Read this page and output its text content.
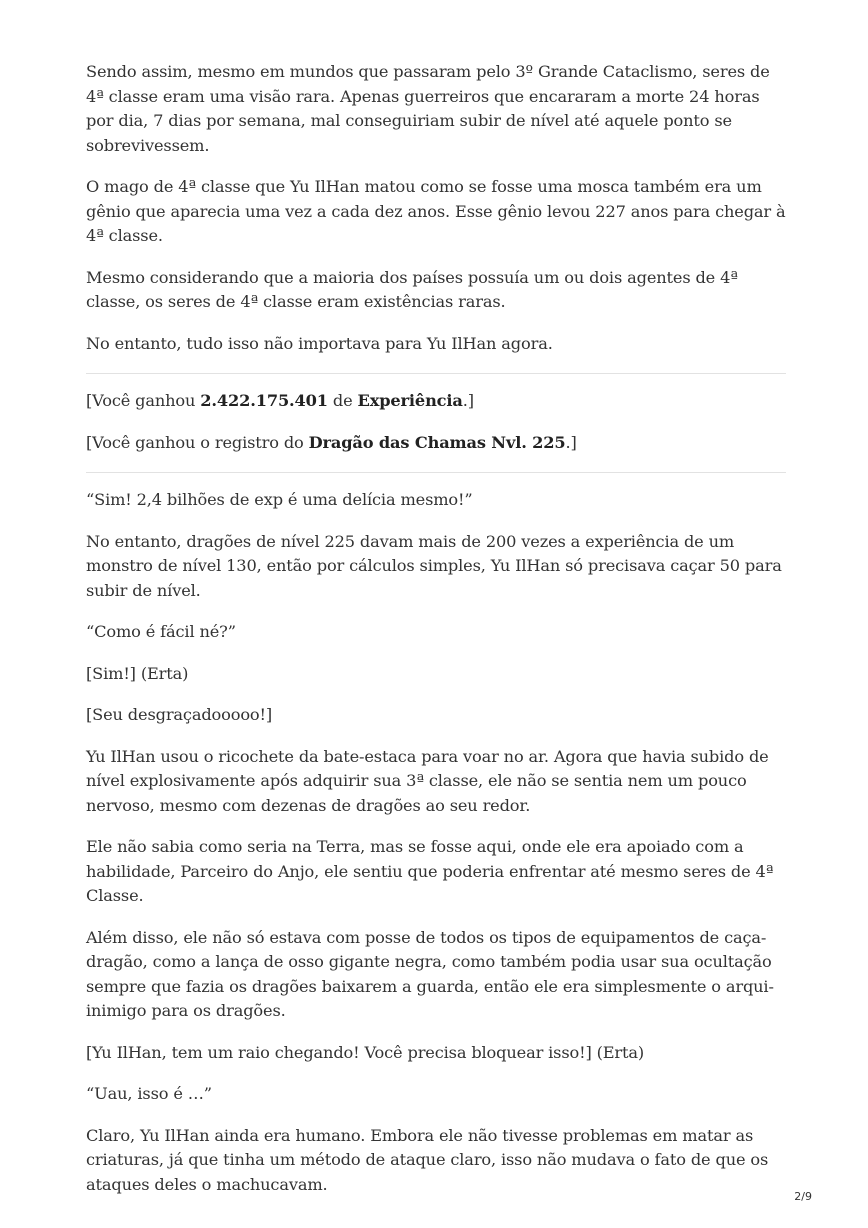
Sendo assim, mesmo em mundos que passaram pelo 3º Grande Cataclismo, seres de 4ª classe eram uma visão rara. Apenas guerreiros que encararam a morte 24 horas por dia, 7 dias por semana, mal conseguiriam subir de nível até aquele ponto se sobrevivessem.

O mago de 4ª classe que Yu IlHan matou como se fosse uma mosca também era um gênio que aparecia uma vez a cada dez anos. Esse gênio levou 227 anos para chegar à 4ª classe.

Mesmo considerando que a maioria dos países possuía um ou dois agentes de 4ª classe, os seres de 4ª classe eram existências raras.

No entanto, tudo isso não importava para Yu IlHan agora.

[Você ganhou 2.422.175.401 de Experiência.]

[Você ganhou o registro do Dragão das Chamas Nvl. 225.]

“Sim! 2,4 bilhões de exp é uma delícia mesmo!”

No entanto, dragões de nível 225 davam mais de 200 vezes a experiência de um monstro de nível 130, então por cálculos simples, Yu IlHan só precisava caçar 50 para subir de nível.

“Como é fácil né?”

[Sim!] (Erta)

[Seu desgraçadooooo!]

Yu IlHan usou o ricochete da bate-estaca para voar no ar. Agora que havia subido de nível explosivamente após adquirir sua 3ª classe, ele não se sentia nem um pouco nervoso, mesmo com dezenas de dragões ao seu redor.

Ele não sabia como seria na Terra, mas se fosse aqui, onde ele era apoiado com a habilidade, Parceiro do Anjo, ele sentiu que poderia enfrentar até mesmo seres de 4ª Classe.

Além disso, ele não só estava com posse de todos os tipos de equipamentos de caça-dragão, como a lança de osso gigante negra, como também podia usar sua ocultação sempre que fazia os dragões baixarem a guarda, então ele era simplesmente o arqui-inimigo para os dragões.

[Yu IlHan, tem um raio chegando! Você precisa bloquear isso!] (Erta)

“Uau, isso é …”

Claro, Yu IlHan ainda era humano. Embora ele não tivesse problemas em matar as criaturas, já que tinha um método de ataque claro, isso não mudava o fato de que os ataques deles o machucavam.

2/9
